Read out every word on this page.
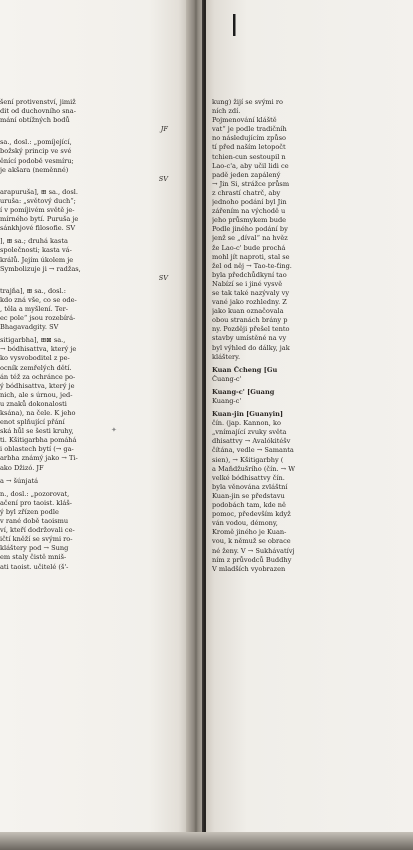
šení protivenství, jimiž

dit od duchovního sna-

mání obtížných bodů

JF

sa., dosl.: „pomíjející,

božský princip ve své

ěnící podobě vesmíru;

je akšara (neměnné)

SV

arapuruša], ⊞ sa., dosl.

uruša: „světový duch“;

í v pomíjivém světě je-

mírného bytí. Puruša je

sánkhjové filosofie. SV

], ⊞ sa.; druhá kasta

společnosti; kasta vá-

králů. Jejím úkolem je

Symbolizuje ji → radžas,

SV

trajňa], ⊞ sa., dosl.:

kdo zná vše, co se ode-

, těla a myšlení. Ter-

ec pole“ jsou rozebírá-

Bhagavadgity. SV

sitigarbha], ⊞⊠ sa.,

→ bódhisattva, který je

ko vysvoboditel z pe-

ocník zemřelých dětí.

án též za ochránce po-

ý bódhisattva, který je

nich, ale s úrnou, jed-

u znaků dokonalosti

ksána), na čele. K jeho

enot splňující přání

ská hůl se šesti kruhy,

ti. Kšitigarbha pomáhá

i oblastech bytí (→ ga-

arbha známý jako → Ti-

ako Džizó. JF

a → šúnjatá

n., dosl.: „pozorovat,

ačení pro taoist. kláš-

ý byl zřízen podle

v rané době taoismu

ví, kteří dodržovali ce-

ičtí kněží se svými ro-

kláštery pod → Sung

em staly čistě mniš-

ati taoist. učitelé (š'-

kung) žijí se svými ro

ních zdí.

Pojmenování kláště

vat“ je podle tradičníh

no následujícím způso

tí před naším letopočt

tchien-cun sestoupil n

Lao-c'a, aby učil lidi ce

padě jeden zapálený

→ Jin Si, strážce průsm

z chrastí chatrč, aby

jednoho podání byl Jin

zářením na východě u

jeho průsmykem bude

Podle jiného podání by

jenž se „díval“ na hvěz

že Lao-c' bude prochá

mohl jít naproti, stal se

žel od něj → Tao-te-ťing.

byla předchůdkyní tao

Nabízí se i jiné vysvě

se tak také nazývaly vy

vané jako rozhledny. Z

jako kuan označovala

obou stranách brány p

ny. Později přešel tento

stavby umístěné na vy

byl výhled do dálky, jak

kláštery.

Kuan Čcheng [Gu

Čuang-c'

Kuang-c' [Guang

Kuang-c'

Kuan-jin [Guanyin]

čín. (jap. Kannon, ko

„vnímající zvuky světa

dhisattvy → Avalókitéšv

čítána, vedle → Samanta

sien), → Kšitigarbhy (

a Maňdžušrího (čín. → W

velké bódhisattvy čín.

byla věnována zvláštní

Kuan-jin se představu

podobách tam, kde ně

pomoc, především když

ván vodou, démony,

Kromě jiného je Kuan-

vou, k němuž se obrace

né ženy. V → Sukhávatívj

ním z průvodců Buddhy

V mladších vyobrazen

✦
